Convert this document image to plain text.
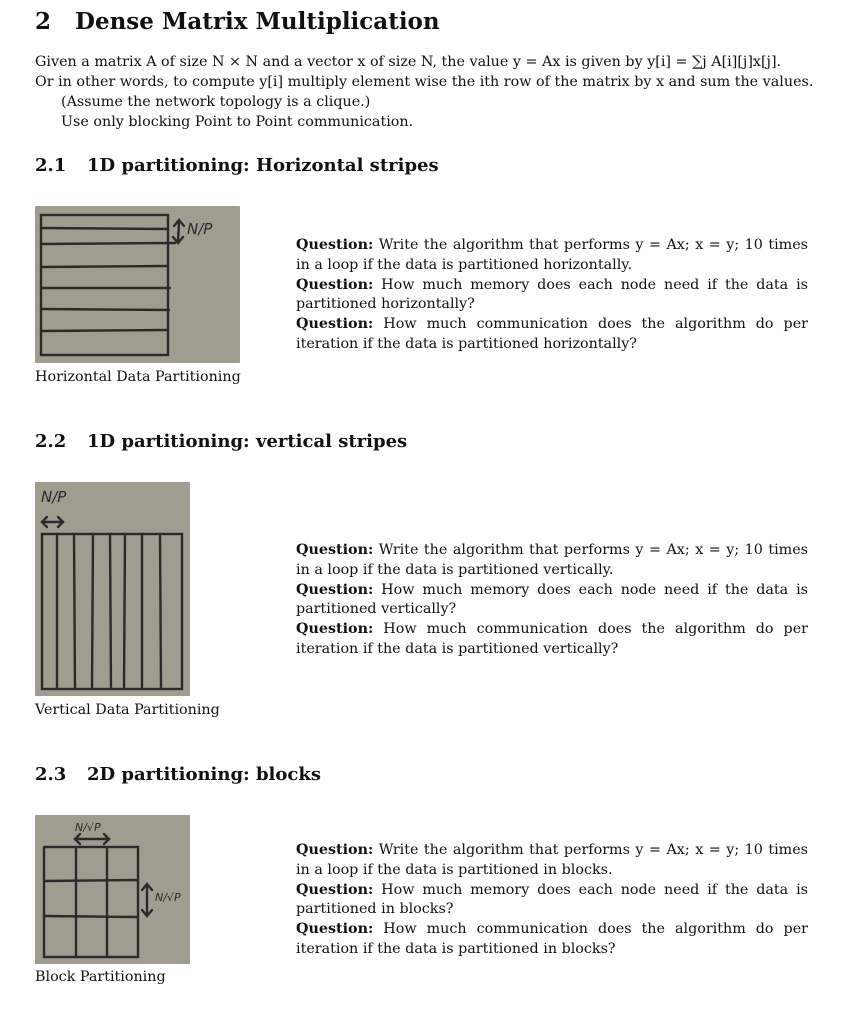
2 Dense Matrix Multiplication
Given a matrix A of size N × N and a vector x of size N, the value y = Ax is given by y[i] = ∑j A[i][j]x[j].
Or in other words, to compute y[i] multiply element wise the ith row of the matrix by x and sum the values.
(Assume the network topology is a clique.)
Use only blocking Point to Point communication.
2.1 1D partitioning: Horizontal stripes
N/P
Horizontal Data Partitioning

Question: Write the algorithm that performs y = Ax; x = y; 10 times in a loop if the data is partitioned horizontally.

Question: How much memory does each node need if the data is partitioned horizontally?

Question: How much communication does the algorithm do per iteration if the data is partitioned horizontally?

2.2 1D partitioning: vertical stripes
N/P
Vertical Data Partitioning

Question: Write the algorithm that performs y = Ax; x = y; 10 times in a loop if the data is partitioned vertically.

Question: How much memory does each node need if the data is partitioned vertically?

Question: How much communication does the algorithm do per iteration if the data is partitioned vertically?

2.3 2D partitioning: blocks
N/√P
N/√P
Block Partitioning

Question: Write the algorithm that performs y = Ax; x = y; 10 times in a loop if the data is partitioned in blocks.

Question: How much memory does each node need if the data is partitioned in blocks?

Question: How much communication does the algorithm do per iteration if the data is partitioned in blocks?
